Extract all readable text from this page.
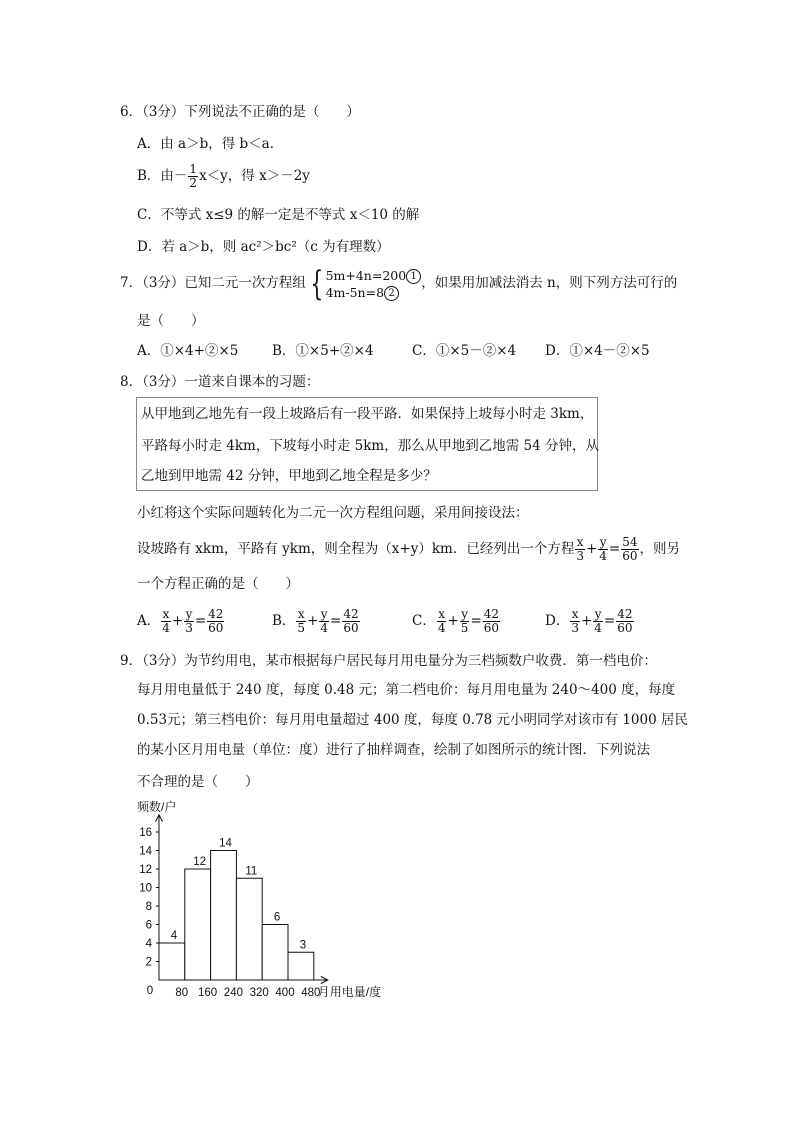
6．（3分）下列说法不正确的是（　　）
A．由 a＞b，得 b＜a．
B．由－ $\frac{1}{2} x<y$，得 x＞－2y
C．不等式 x≤9 的解一定是不等式 x＜10 的解
D．若 a＞b，则 ac²＞bc²（c 为有理数）
7．（3分）已知二元一次方程组 { 5m+4n=200 1
4m-5n=8 2
，如果用加减法消去 n，则下列方法可行的
是（　　）
A．①×4+②×5 B．①×5+②×4	C．①×5－②×4 D．①×4－②×5
8．（3分）一道来自课本的习题：
从甲地到乙地先有一段上坡路后有一段平路．如果保持上坡每小时走 3km，
平路每小时走 4km，下坡每小时走 5km，那么从甲地到乙地需 54 分钟，从
乙地到甲地需 42 分钟，甲地到乙地全程是多少？
小红将这个实际问题转化为二元一次方程组问题，采用间接设法：
设坡路有 xkm，平路有 ykm，则全程为（x+y）km．已经列出一个方程 $\frac{x}{3} + \frac{y}{4} = \frac{54}{60}$ ，则另
一个方程正确的是（　　）
A． $\frac{x}{4} + \frac{y}{3} = \frac{42}{60}$	B． $\frac{x}{5} + \frac{y}{4} = \frac{42}{60}$	C． $\frac{x}{4} + \frac{y}{5} = \frac{42}{60}$	D． $\frac{x}{3} + \frac{y}{4} = \frac{42}{60}$
9．（3分）为节约用电，某市根据每户居民每月用电量分为三档频数户收费．第一档电价：
每月用电量低于 240 度，每度 0.48 元；第二档电价：每月用电量为 240～400 度，每度
0.53元；第三档电价：每月用电量超过 400 度，每度 0.78 元小明同学对该市有 1000 居民
的某小区月用电量（单位：度）进行了抽样调查，绘制了如图所示的统计图．下列说法
不合理的是（　　）
4
12
14
11
6
3
2
4
6
8
10
12
14
16
80 160 240 320 400 480
0
频数/户
月用电量/度
